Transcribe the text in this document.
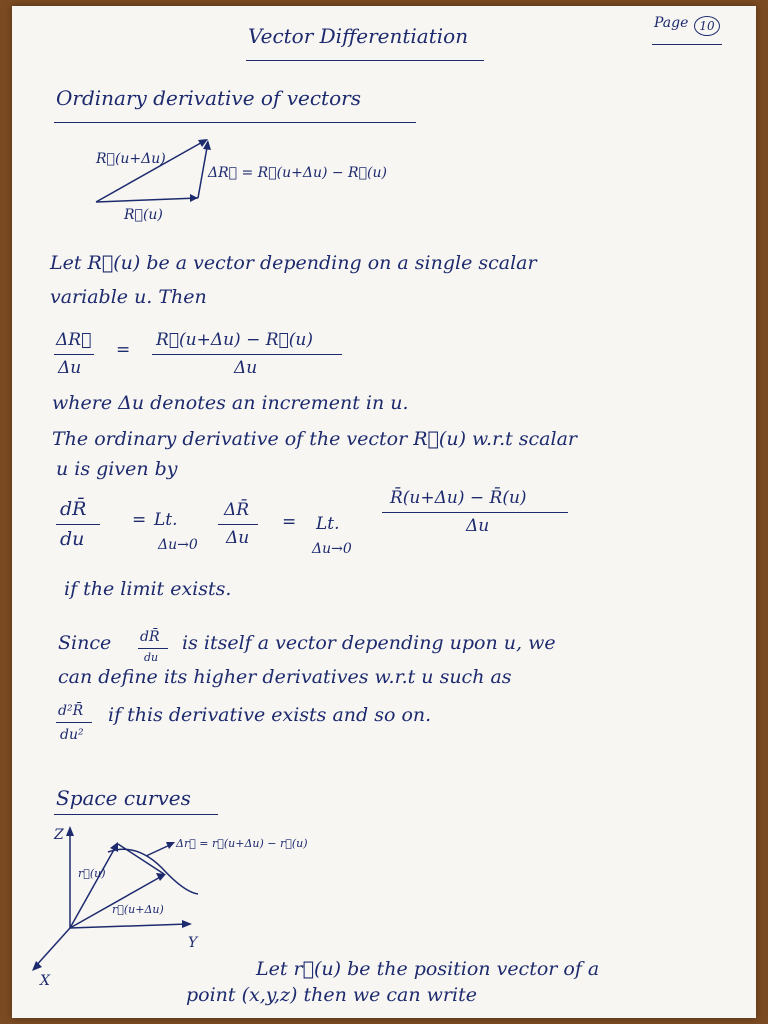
Vector Differentiation
Page 10
Ordinary derivative of vectors
R⃗(u+Δu)
ΔR⃗ = R⃗(u+Δu) − R⃗(u)
R⃗(u)
Let R⃗(u) be a vector depending on a single scalar
variable u. Then
ΔR⃗
Δu
= R⃗(u+Δu) − R⃗(u)
Δu
where Δu denotes an increment in u.
The ordinary derivative of the vector R⃗(u) w.r.t scalar
u is given by
dR̄
du
= Lt.
Δu→0
ΔR̄
Δu
= Lt.
Δu→0
R̄(u+Δu) − R̄(u)
Δu
if the limit exists.
Since dR̄
du
is itself a vector depending upon u, we
can define its higher derivatives w.r.t u such as
d²R̄
du²
if this derivative exists and so on.
Space curves
Z
Y
X
r⃗(u)
r⃗(u+Δu)
Δr⃗ = r⃗(u+Δu) − r⃗(u)
Let r⃗(u) be the position vector of a
point (x,y,z) then we can write
